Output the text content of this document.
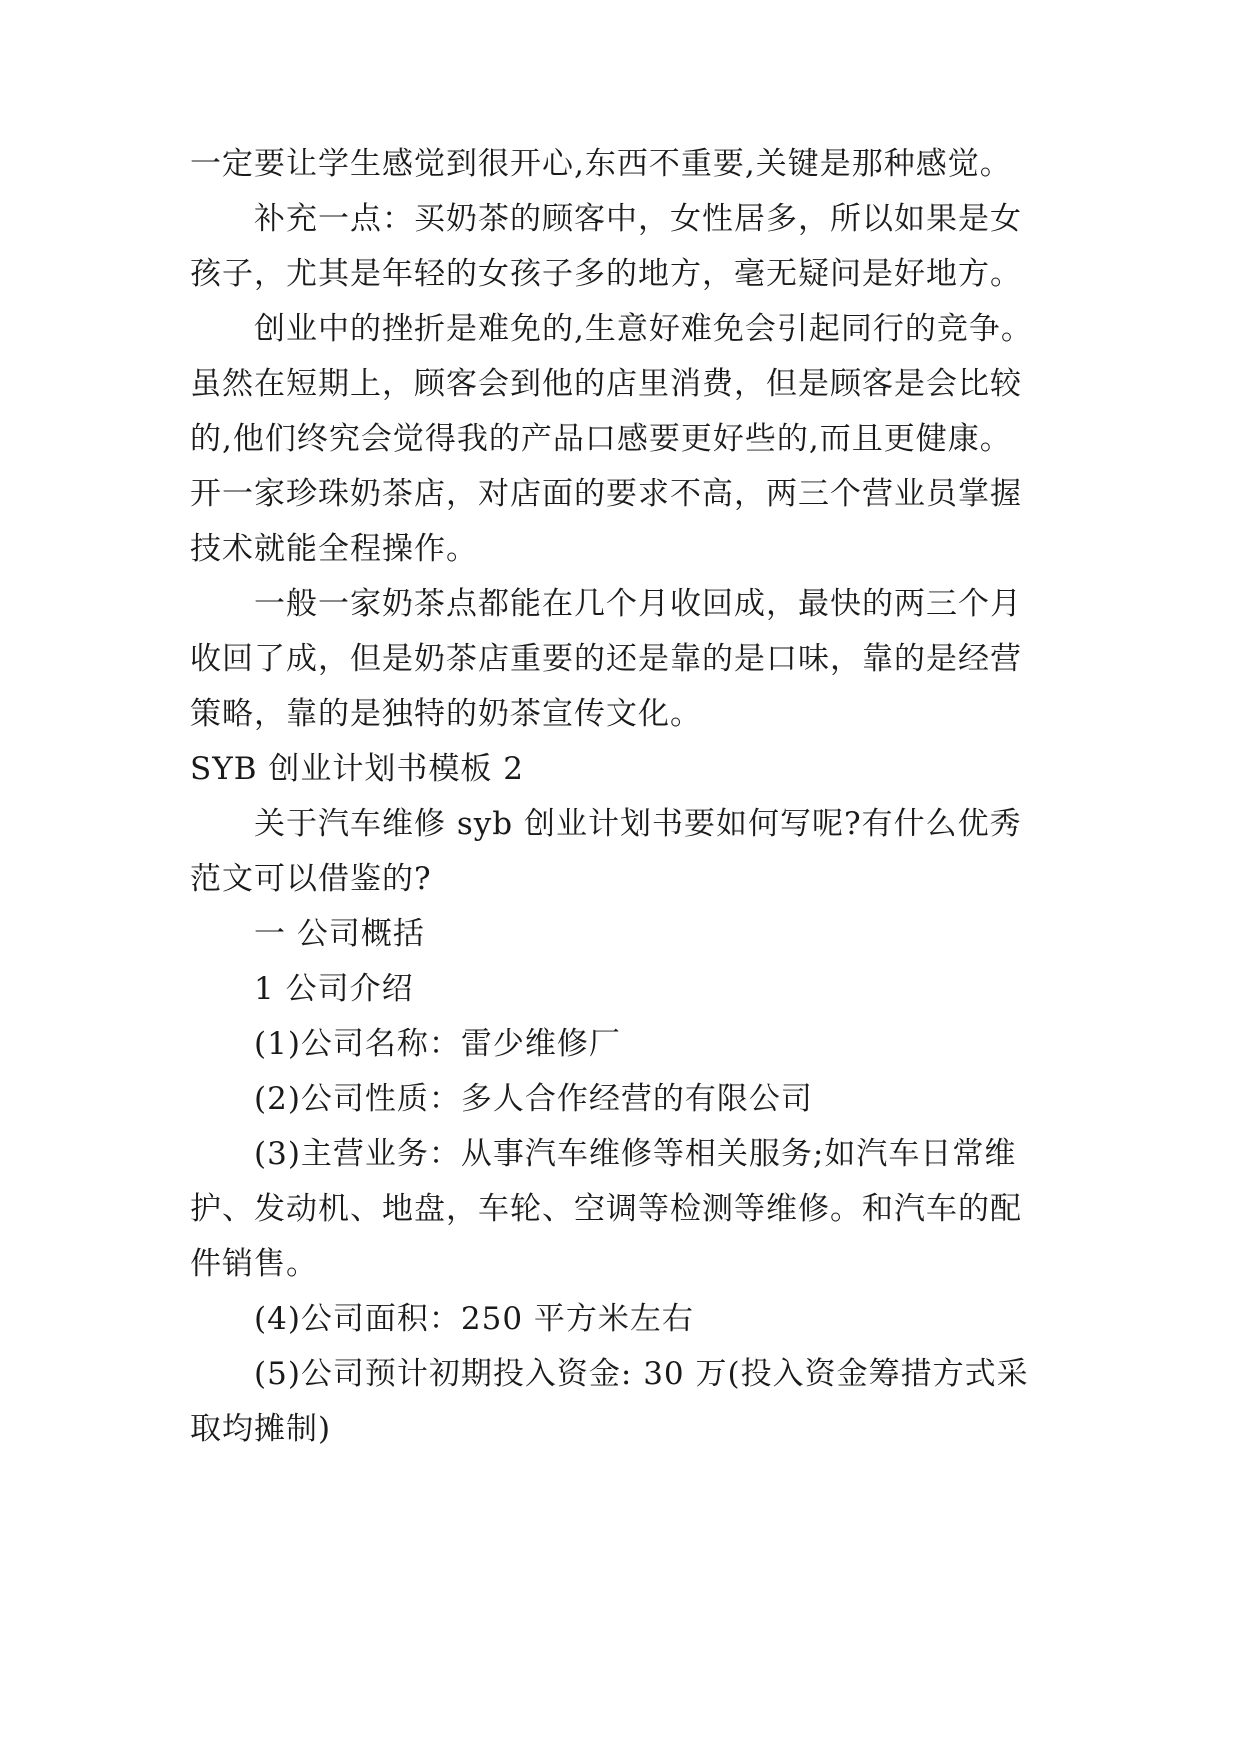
一定要让学生感觉到很开心,东西不重要,关键是那种感觉。

补充一点：买奶茶的顾客中，女性居多，所以如果是女

孩子，尤其是年轻的女孩子多的地方，毫无疑问是好地方。

创业中的挫折是难免的,生意好难免会引起同行的竞争。

虽然在短期上，顾客会到他的店里消费，但是顾客是会比较

的,他们终究会觉得我的产品口感要更好些的,而且更健康。

开一家珍珠奶茶店，对店面的要求不高，两三个营业员掌握

技术就能全程操作。

一般一家奶茶点都能在几个月收回成，最快的两三个月

收回了成，但是奶茶店重要的还是靠的是口味，靠的是经营

策略，靠的是独特的奶茶宣传文化。

SYB 创业计划书模板 2

关于汽车维修 syb 创业计划书要如何写呢?有什么优秀

范文可以借鉴的?

一 公司概括

1 公司介绍

(1)公司名称：雷少维修厂

(2)公司性质：多人合作经营的有限公司

(3)主营业务：从事汽车维修等相关服务;如汽车日常维

护、发动机、地盘，车轮、空调等检测等维修。和汽车的配

件销售。

(4)公司面积：250 平方米左右

(5)公司预计初期投入资金: 30 万(投入资金筹措方式采

取均摊制)
